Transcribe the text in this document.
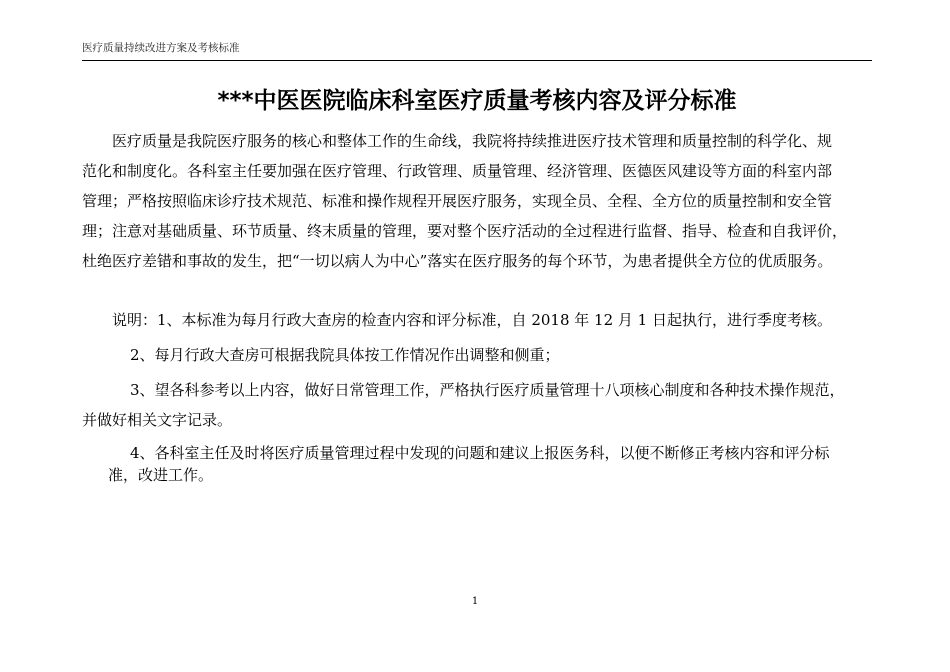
医疗质量持续改进方案及考核标准
***中医医院临床科室医疗质量考核内容及评分标准
医疗质量是我院医疗服务的核心和整体工作的生命线，我院将持续推进医疗技术管理和质量控制的科学化、规
范化和制度化。各科室主任要加强在医疗管理、行政管理、质量管理、经济管理、医德医风建设等方面的科室内部
管理；严格按照临床诊疗技术规范、标准和操作规程开展医疗服务，实现全员、全程、全方位的质量控制和安全管
理；注意对基础质量、环节质量、终末质量的管理，要对整个医疗活动的全过程进行监督、指导、检查和自我评价，
杜绝医疗差错和事故的发生，把“一切以病人为中心”落实在医疗服务的每个环节，为患者提供全方位的优质服务。
说明：1、本标准为每月行政大查房的检查内容和评分标准，自 2018 年 12 月 1 日起执行，进行季度考核。
2、每月行政大查房可根据我院具体按工作情况作出调整和侧重；
3、望各科参考以上内容，做好日常管理工作，严格执行医疗质量管理十八项核心制度和各种技术操作规范，
并做好相关文字记录。
4、各科室主任及时将医疗质量管理过程中发现的问题和建议上报医务科，以便不断修正考核内容和评分标
准，改进工作。
1
